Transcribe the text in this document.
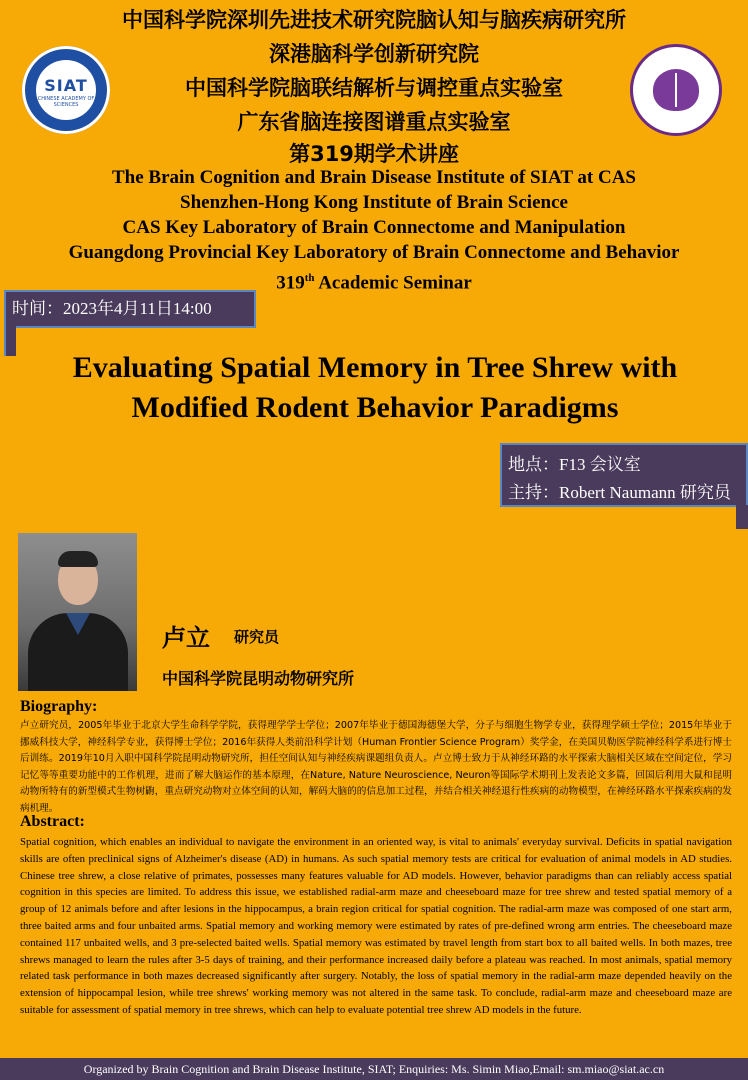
中国科学院深圳先进技术研究院脑认知与脑疾病研究所
深港脑科学创新研究院
中国科学院脑联结解析与调控重点实验室
广东省脑连接图谱重点实验室
第319期学术讲座
SIAT
CHINESE ACADEMY OF SCIENCES
The Brain Cognition and Brain Disease Institute of SIAT at CAS
Shenzhen-Hong Kong Institute of Brain Science
CAS Key Laboratory of Brain Connectome and Manipulation
Guangdong Provincial Key Laboratory of Brain Connectome and Behavior
319th Academic Seminar
时间：2023年4月11日14:00
Evaluating Spatial Memory in Tree Shrew with
Modified Rodent Behavior Paradigms
地点：F13 会议室
主持：Robert Naumann 研究员
卢立 研究员
中国科学院昆明动物研究所
Biography:

卢立研究员，2005年毕业于北京大学生命科学学院，获得理学学士学位；2007年毕业于德国海德堡大学，分子与细胞生物学专业，获得理学硕士学位；2015年毕业于挪威科技大学，神经科学专业，获得博士学位；2016年获得人类前沿科学计划（Human Frontier Science Program）奖学金，在美国贝勒医学院神经科学系进行博士后训练。2019年10月入职中国科学院昆明动物研究所，担任空间认知与神经疾病课题组负责人。卢立博士致力于从神经环路的水平探索大脑相关区域在空间定位，学习记忆等等重要功能中的工作机理，进而了解大脑运作的基本原理，在Nature, Nature Neuroscience, Neuron等国际学术期刊上发表论文多篇，回国后利用大鼠和昆明动物所特有的新型模式生物树鼩，重点研究动物对立体空间的认知，解码大脑的的信息加工过程，并结合相关神经退行性疾病的动物模型，在神经环路水平探索疾病的发病机理。

Abstract:

Spatial cognition, which enables an individual to navigate the environment in an oriented way, is vital to animals' everyday survival. Deficits in spatial navigation skills are often preclinical signs of Alzheimer's disease (AD) in humans. As such spatial memory tests are critical for evaluation of animal models in AD studies. Chinese tree shrew, a close relative of primates, possesses many features valuable for AD models. However, behavior paradigms than can reliably access spatial cognition in this species are limited. To address this issue, we established radial-arm maze and cheeseboard maze for tree shrew and tested spatial memory of a group of 12 animals before and after lesions in the hippocampus, a brain region critical for spatial cognition. The radial-arm maze was composed of one start arm, three baited arms and four unbaited arms. Spatial memory and working memory were estimated by rates of pre-defined wrong arm entries. The cheeseboard maze contained 117 unbaited wells, and 3 pre-selected baited wells. Spatial memory was estimated by travel length from start box to all baited wells. In both mazes, tree shrews managed to learn the rules after 3-5 days of training, and their performance increased daily before a plateau was reached. In most animals, spatial memory related task performance in both mazes decreased significantly after surgery. Notably, the loss of spatial memory in the radial-arm maze depended heavily on the extension of hippocampal lesion, while tree shrews' working memory was not altered in the same task. To conclude, radial-arm maze and cheeseboard maze are suitable for assessment of spatial memory in tree shrews, which can help to evaluate potential tree shrew AD models in the future.

Organized by Brain Cognition and Brain Disease Institute, SIAT; Enquiries: Ms. Simin Miao,Email: sm.miao@siat.ac.cn
